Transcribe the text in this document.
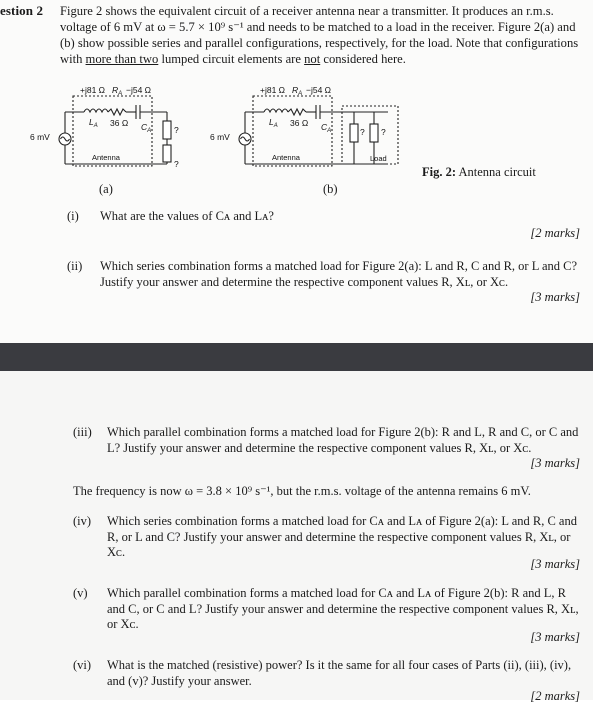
estion 2 Figure 2 shows the equivalent circuit of a receiver antenna near a transmitter. It produces an r.m.s. voltage of 6 mV at ω = 5.7 × 10⁹ s⁻¹ and needs to be matched to a load in the receiver. Figure 2(a) and (b) show possible series and parallel configurations, respectively, for the load. Note that configurations with more than two lumped circuit elements are not considered here.
+j81 Ω $R_A -j54$ Ω
$L_A$ 36 Ω $C_A$
6 mV
Antenna
?
?
+j81 Ω $R_A -j54$ Ω
$L_A$ 36 Ω $C_A$
6 mV
Antenna
? ?
Load
Fig. 2: Antenna circuit
(a)	(b)
(i) What are the values of Cᴀ and Lᴀ?
[2 marks]
(ii) Which series combination forms a matched load for Figure 2(a): L and R, C and R, or L and C? Justify your answer and determine the respective component values R, Xʟ, or Xᴄ.
[3 marks]
(iii) Which parallel combination forms a matched load for Figure 2(b): R and L, R and C, or C and L? Justify your answer and determine the respective component values R, Xʟ, or Xᴄ.
[3 marks]
The frequency is now ω = 3.8 × 10⁹ s⁻¹, but the r.m.s. voltage of the antenna remains 6 mV.
(iv) Which series combination forms a matched load for Cᴀ and Lᴀ of Figure 2(a): L and R, C and R, or L and C? Justify your answer and determine the respective component values R, Xʟ, or Xᴄ.
[3 marks]
(v) Which parallel combination forms a matched load for Cᴀ and Lᴀ of Figure 2(b): R and L, R and C, or C and L? Justify your answer and determine the respective component values R, Xʟ, or Xᴄ.
[3 marks]
(vi) What is the matched (resistive) power? Is it the same for all four cases of Parts (ii), (iii), (iv), and (v)? Justify your answer.
[2 marks]
